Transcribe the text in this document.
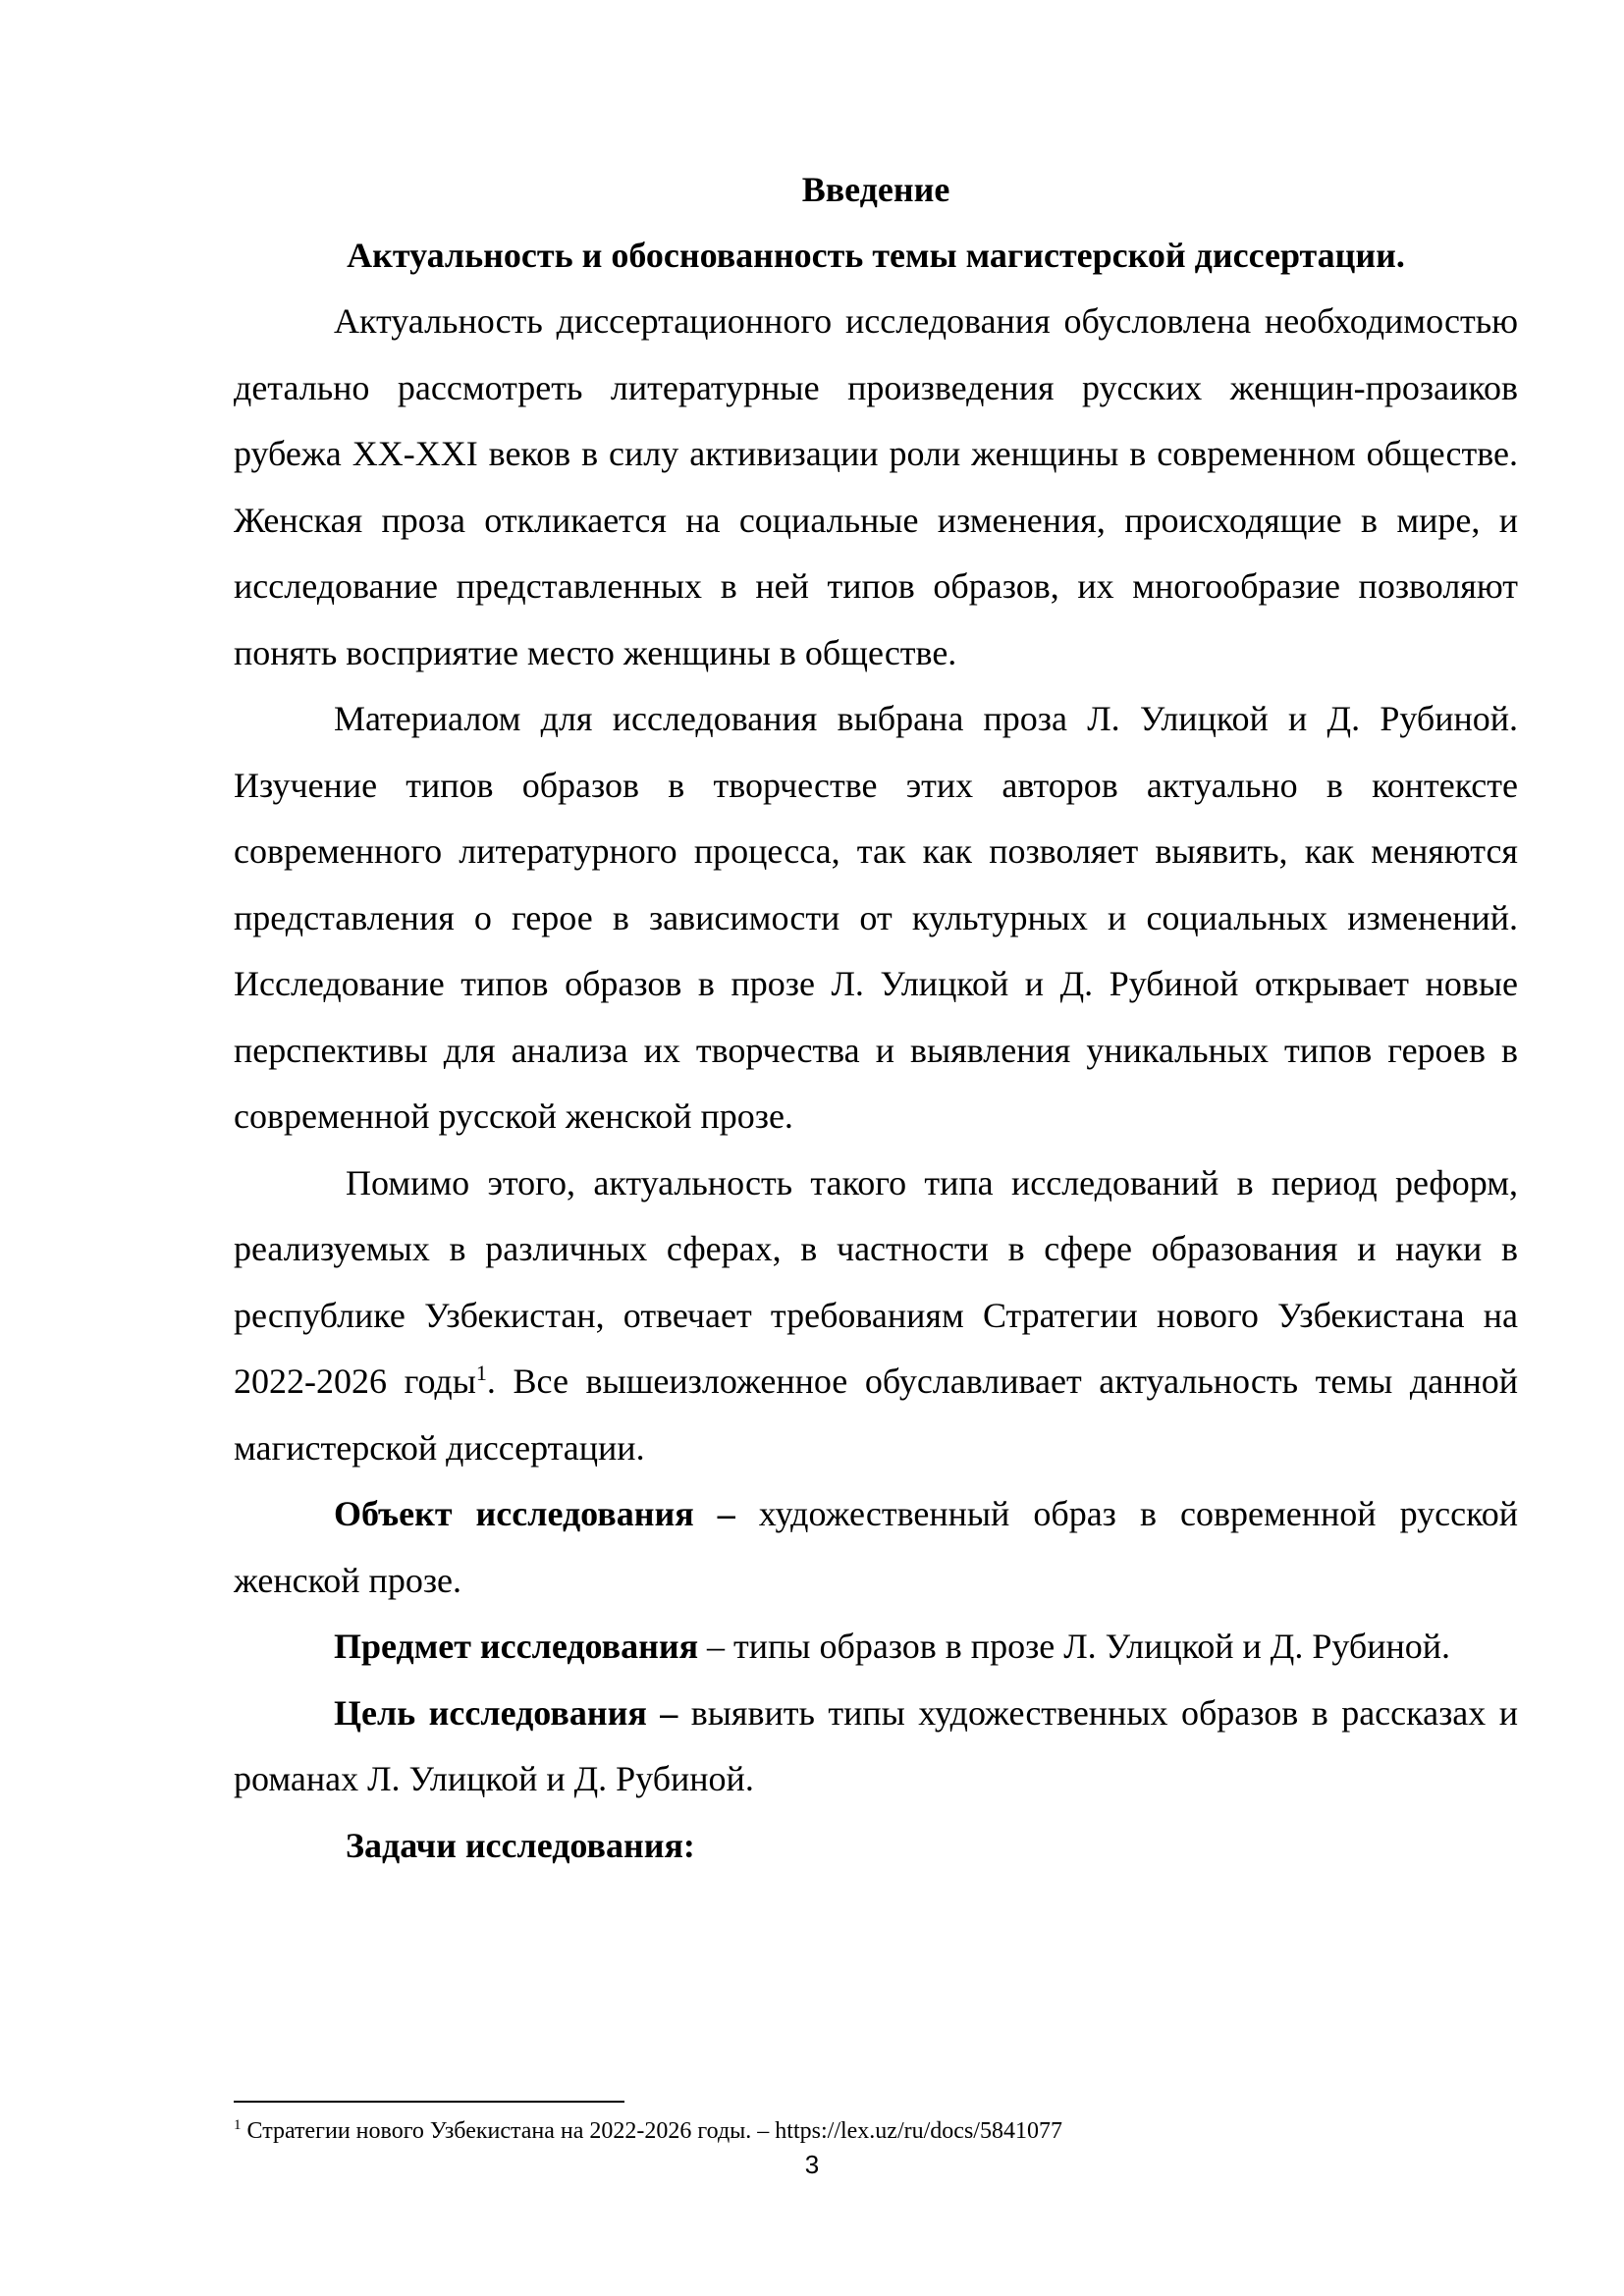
Введение
Актуальность и обоснованность темы магистерской диссертации.

Актуальность диссертационного исследования обусловлена необходимостью детально рассмотреть литературные произведения русских женщин-прозаиков рубежа XX-XXI веков в силу активизации роли женщины в современном обществе. Женская проза откликается на социальные изменения, происходящие в мире, и исследование представленных в ней типов образов, их многообразие позволяют понять восприятие место женщины в обществе.

Материалом для исследования выбрана проза Л. Улицкой и Д. Рубиной. Изучение типов образов в творчестве этих авторов актуально в контексте современного литературного процесса, так как позволяет выявить, как меняются представления о герое в зависимости от культурных и социальных изменений. Исследование типов образов в прозе Л. Улицкой и Д. Рубиной открывает новые перспективы для анализа их творчества и выявления уникальных типов героев в современной русской женской прозе.

Помимо этого, актуальность такого типа исследований в период реформ, реализуемых в различных сферах, в частности в сфере образования и науки в республике Узбекистан, отвечает требованиям Стратегии нового Узбекистана на 2022-2026 годы$^1$. Все вышеизложенное обуславливает актуальность темы данной магистерской диссертации.

Объект исследования – художественный образ в современной русской женской прозе.

Предмет исследования – типы образов в прозе Л. Улицкой и Д. Рубиной.

Цель исследования – выявить типы художественных образов в рассказах и романах Л. Улицкой и Д. Рубиной.

Задачи исследования:

$^1$ Стратегии нового Узбекистана на 2022-2026 годы. – https://lex.uz/ru/docs/5841077
3
